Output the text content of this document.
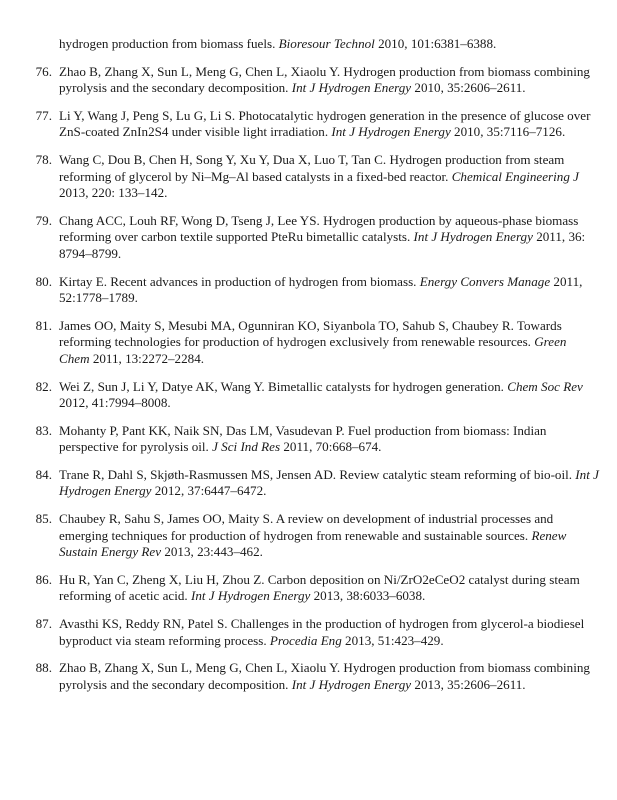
hydrogen production from biomass fuels. Bioresour Technol 2010, 101:6381–6388.
76. Zhao B, Zhang X, Sun L, Meng G, Chen L, Xiaolu Y. Hydrogen production from biomass combining pyrolysis and the secondary decomposition. Int J Hydrogen Energy 2010, 35:2606–2611.
77. Li Y, Wang J, Peng S, Lu G, Li S. Photocatalytic hydrogen generation in the presence of glucose over ZnS-coated ZnIn2S4 under visible light irradiation. Int J Hydrogen Energy 2010, 35:7116–7126.
78. Wang C, Dou B, Chen H, Song Y, Xu Y, Dua X, Luo T, Tan C. Hydrogen production from steam reforming of glycerol by Ni–Mg–Al based catalysts in a fixed-bed reactor. Chemical Engineering J 2013, 220: 133–142.
79. Chang ACC, Louh RF, Wong D, Tseng J, Lee YS. Hydrogen production by aqueous-phase biomass reforming over carbon textile supported PteRu bimetallic catalysts. Int J Hydrogen Energy 2011, 36: 8794–8799.
80. Kirtay E. Recent advances in production of hydrogen from biomass. Energy Convers Manage 2011, 52:1778–1789.
81. James OO, Maity S, Mesubi MA, Ogunniran KO, Siyanbola TO, Sahub S, Chaubey R. Towards reforming technologies for production of hydrogen exclusively from renewable resources. Green Chem 2011, 13:2272–2284.
82. Wei Z, Sun J, Li Y, Datye AK, Wang Y. Bimetallic catalysts for hydrogen generation. Chem Soc Rev 2012, 41:7994–8008.
83. Mohanty P, Pant KK, Naik SN, Das LM, Vasudevan P. Fuel production from biomass: Indian perspective for pyrolysis oil. J Sci Ind Res 2011, 70:668–674.
84. Trane R, Dahl S, Skjøth-Rasmussen MS, Jensen AD. Review catalytic steam reforming of bio-oil. Int J Hydrogen Energy 2012, 37:6447–6472.
85. Chaubey R, Sahu S, James OO, Maity S. A review on development of industrial processes and emerging techniques for production of hydrogen from renewable and sustainable sources. Renew Sustain Energy Rev 2013, 23:443–462.
86. Hu R, Yan C, Zheng X, Liu H, Zhou Z. Carbon deposition on Ni/ZrO2eCeO2 catalyst during steam reforming of acetic acid. Int J Hydrogen Energy 2013, 38:6033–6038.
87. Avasthi KS, Reddy RN, Patel S. Challenges in the production of hydrogen from glycerol-a biodiesel byproduct via steam reforming process. Procedia Eng 2013, 51:423–429.
88. Zhao B, Zhang X, Sun L, Meng G, Chen L, Xiaolu Y. Hydrogen production from biomass combining pyrolysis and the secondary decomposition. Int J Hydrogen Energy 2013, 35:2606–2611.
